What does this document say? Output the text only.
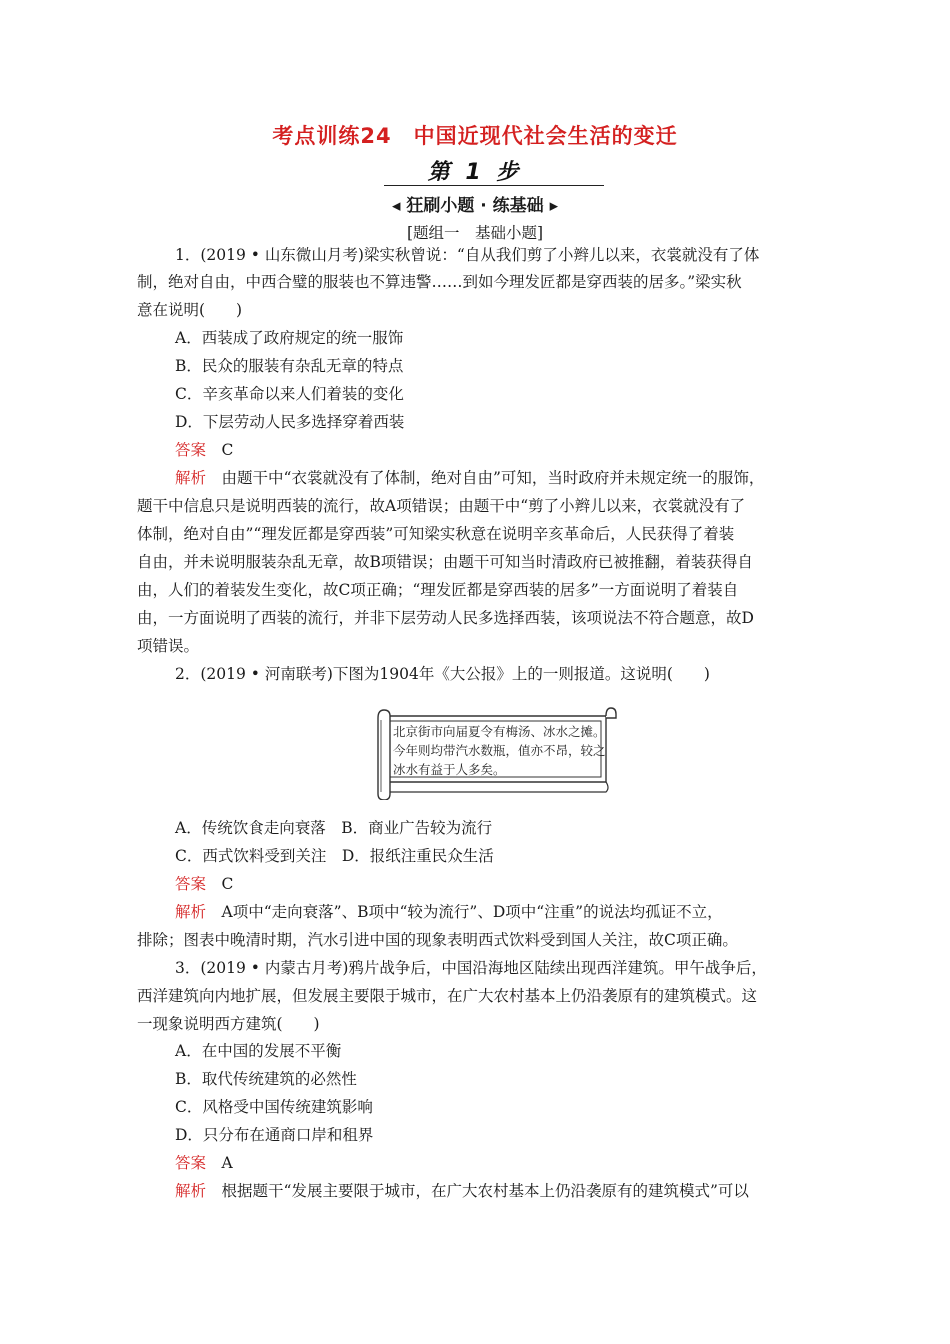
考点训练24　中国近现代社会生活的变迁
第 1 步
◀ 狂刷小题 · 练基础 ▶
[题组一　基础小题]
1．(2019 • 山东微山月考)梁实秋曾说：“自从我们剪了小辫儿以来，衣裳就没有了体
制，绝对自由，中西合璧的服装也不算违警……到如今理发匠都是穿西装的居多。”梁实秋
意在说明(　　)
A．西装成了政府规定的统一服饰
B．民众的服装有杂乱无章的特点
C．辛亥革命以来人们着装的变化
D．下层劳动人民多选择穿着西装
答案　 C
解析　 由题干中“衣裳就没有了体制，绝对自由”可知，当时政府并未规定统一的服饰，
题干中信息只是说明西装的流行，故A项错误；由题干中“剪了小辫儿以来，衣裳就没有了
体制，绝对自由”“理发匠都是穿西装”可知梁实秋意在说明辛亥革命后，人民获得了着装
自由，并未说明服装杂乱无章，故B项错误；由题干可知当时清政府已被推翻，着装获得自
由，人们的着装发生变化，故C项正确；“理发匠都是穿西装的居多”一方面说明了着装自
由，一方面说明了西装的流行，并非下层劳动人民多选择西装，该项说法不符合题意，故D
项错误。
2．(2019 • 河南联考)下图为1904年《大公报》上的一则报道。这说明(　　)
北京街市向届夏令有梅汤、冰水之摊。今年则均带汽水数瓶，值亦不昂，较之冰水有益于人多矣。
A．传统饮食走向衰落　B．商业广告较为流行
C．西式饮料受到关注　D．报纸注重民众生活
答案　 C
解析　 A项中“走向衰落”、B项中“较为流行”、D项中“注重”的说法均孤证不立，
排除；图表中晚清时期，汽水引进中国的现象表明西式饮料受到国人关注，故C项正确。
3．(2019 • 内蒙古月考)鸦片战争后，中国沿海地区陆续出现西洋建筑。甲午战争后，
西洋建筑向内地扩展，但发展主要限于城市，在广大农村基本上仍沿袭原有的建筑模式。这
一现象说明西方建筑(　　)
A．在中国的发展不平衡
B．取代传统建筑的必然性
C．风格受中国传统建筑影响
D．只分布在通商口岸和租界
答案　 A
解析　 根据题干“发展主要限于城市，在广大农村基本上仍沿袭原有的建筑模式”可以
